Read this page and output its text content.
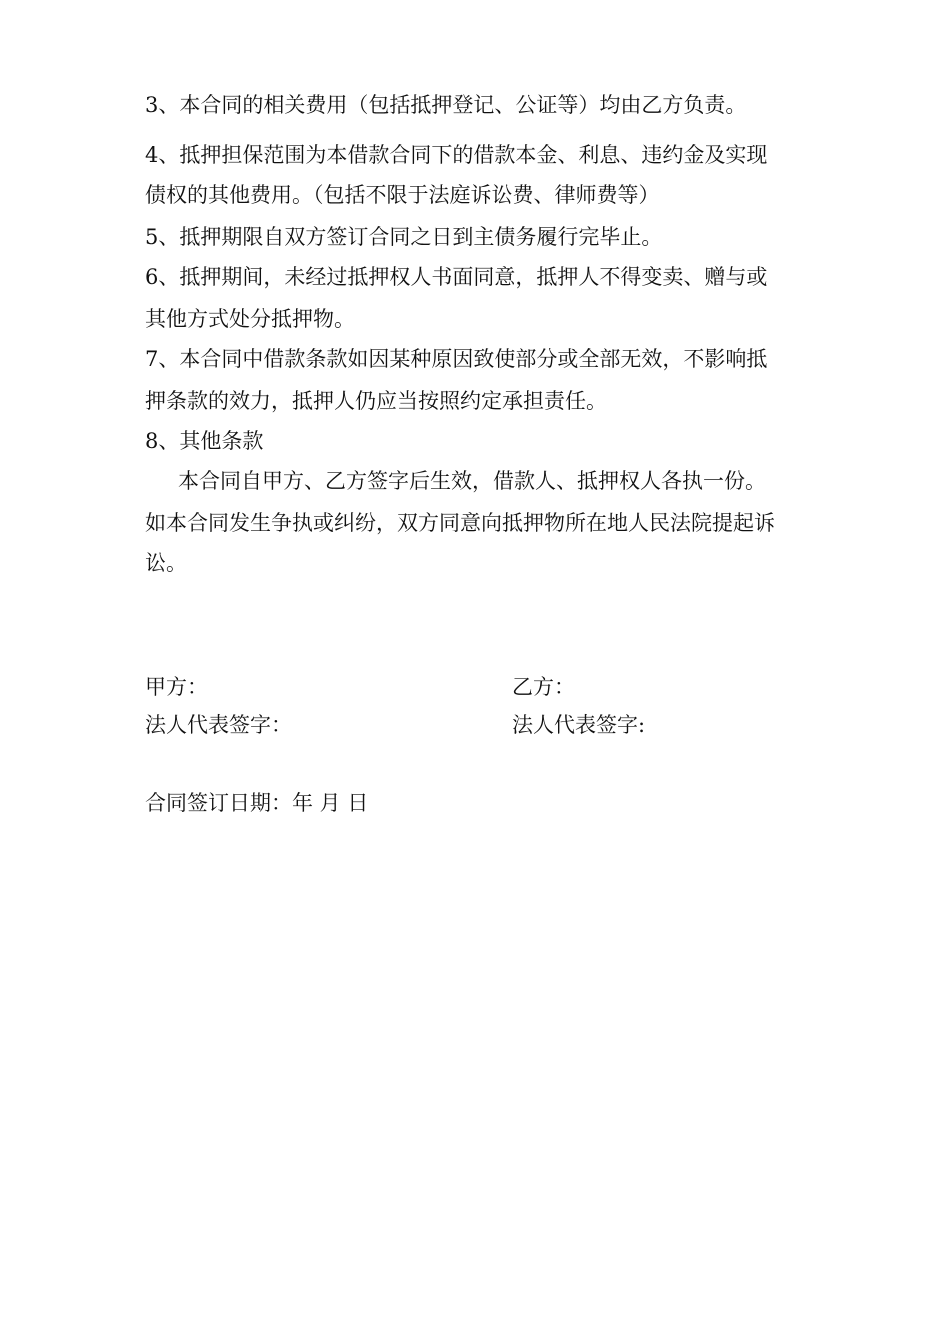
3、本合同的相关费用（包括抵押登记、公证等）均由乙方负责。
4、抵押担保范围为本借款合同下的借款本金、利息、违约金及实现
债权的其他费用。（包括不限于法庭诉讼费、律师费等）
5、抵押期限自双方签订合同之日到主债务履行完毕止。
6、抵押期间，未经过抵押权人书面同意，抵押人不得变卖、赠与或
其他方式处分抵押物。
7、本合同中借款条款如因某种原因致使部分或全部无效，不影响抵
押条款的效力，抵押人仍应当按照约定承担责任。
8、其他条款
本合同自甲方、乙方签字后生效，借款人、抵押权人各执一份。
如本合同发生争执或纠纷，双方同意向抵押物所在地人民法院提起诉
讼。
甲方：	乙方：
法人代表签字：	法人代表签字:
合同签订日期：年 月 日
